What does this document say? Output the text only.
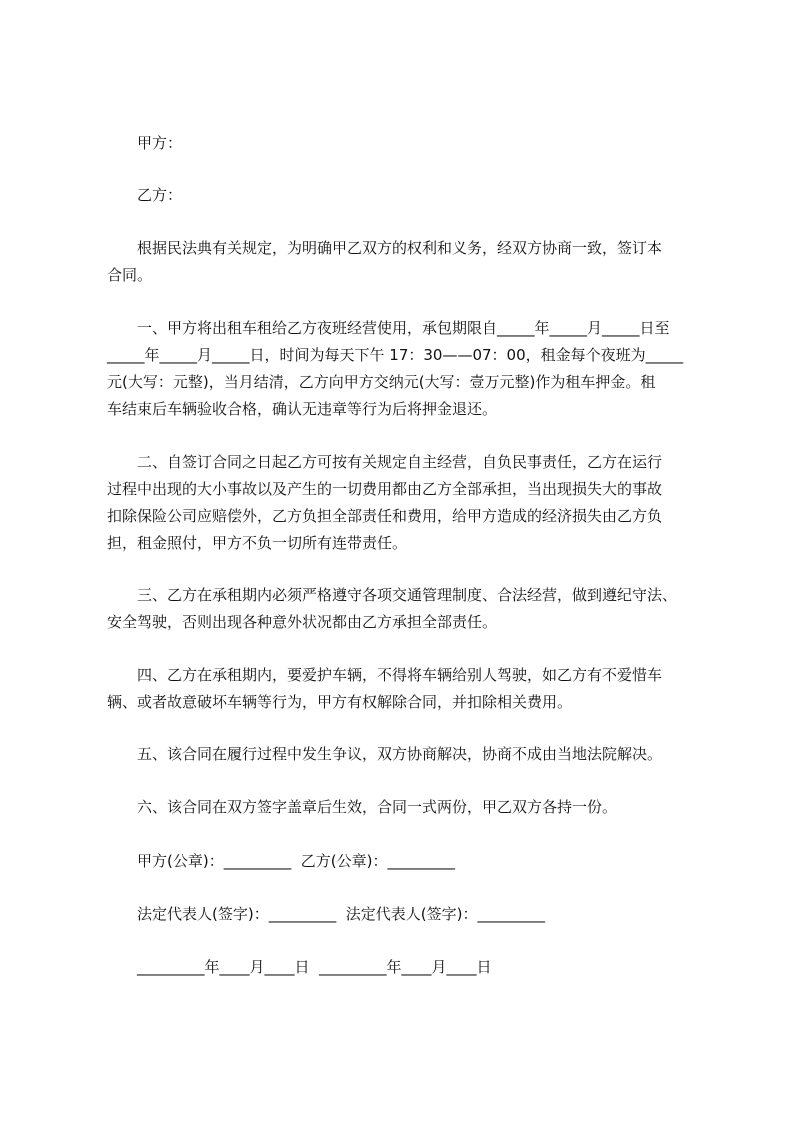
甲方：
乙方：
根据民法典有关规定，为明确甲乙双方的权利和义务，经双方协商一致，签订本
合同。
一、甲方将出租车租给乙方夜班经营使用，承包期限自_____年_____月_____日至
_____年_____月_____日，时间为每天下午 17：30——07：00，租金每个夜班为_____
元(大写：元整)，当月结清，乙方向甲方交纳元(大写：壹万元整)作为租车押金。租
车结束后车辆验收合格，确认无违章等行为后将押金退还。
二、自签订合同之日起乙方可按有关规定自主经营，自负民事责任，乙方在运行
过程中出现的大小事故以及产生的一切费用都由乙方全部承担，当出现损失大的事故
扣除保险公司应赔偿外，乙方负担全部责任和费用，给甲方造成的经济损失由乙方负
担，租金照付，甲方不负一切所有连带责任。
三、乙方在承租期内必须严格遵守各项交通管理制度、合法经营，做到遵纪守法、
安全驾驶，否则出现各种意外状况都由乙方承担全部责任。
四、乙方在承租期内，要爱护车辆，不得将车辆给别人驾驶，如乙方有不爱惜车
辆、或者故意破坏车辆等行为，甲方有权解除合同，并扣除相关费用。
五、该合同在履行过程中发生争议，双方协商解决，协商不成由当地法院解决。
六、该合同在双方签字盖章后生效，合同一式两份，甲乙双方各持一份。
甲方(公章)：_________  乙方(公章)：_________
法定代表人(签字)：_________  法定代表人(签字)：_________
_________年____月____日  _________年____月____日
